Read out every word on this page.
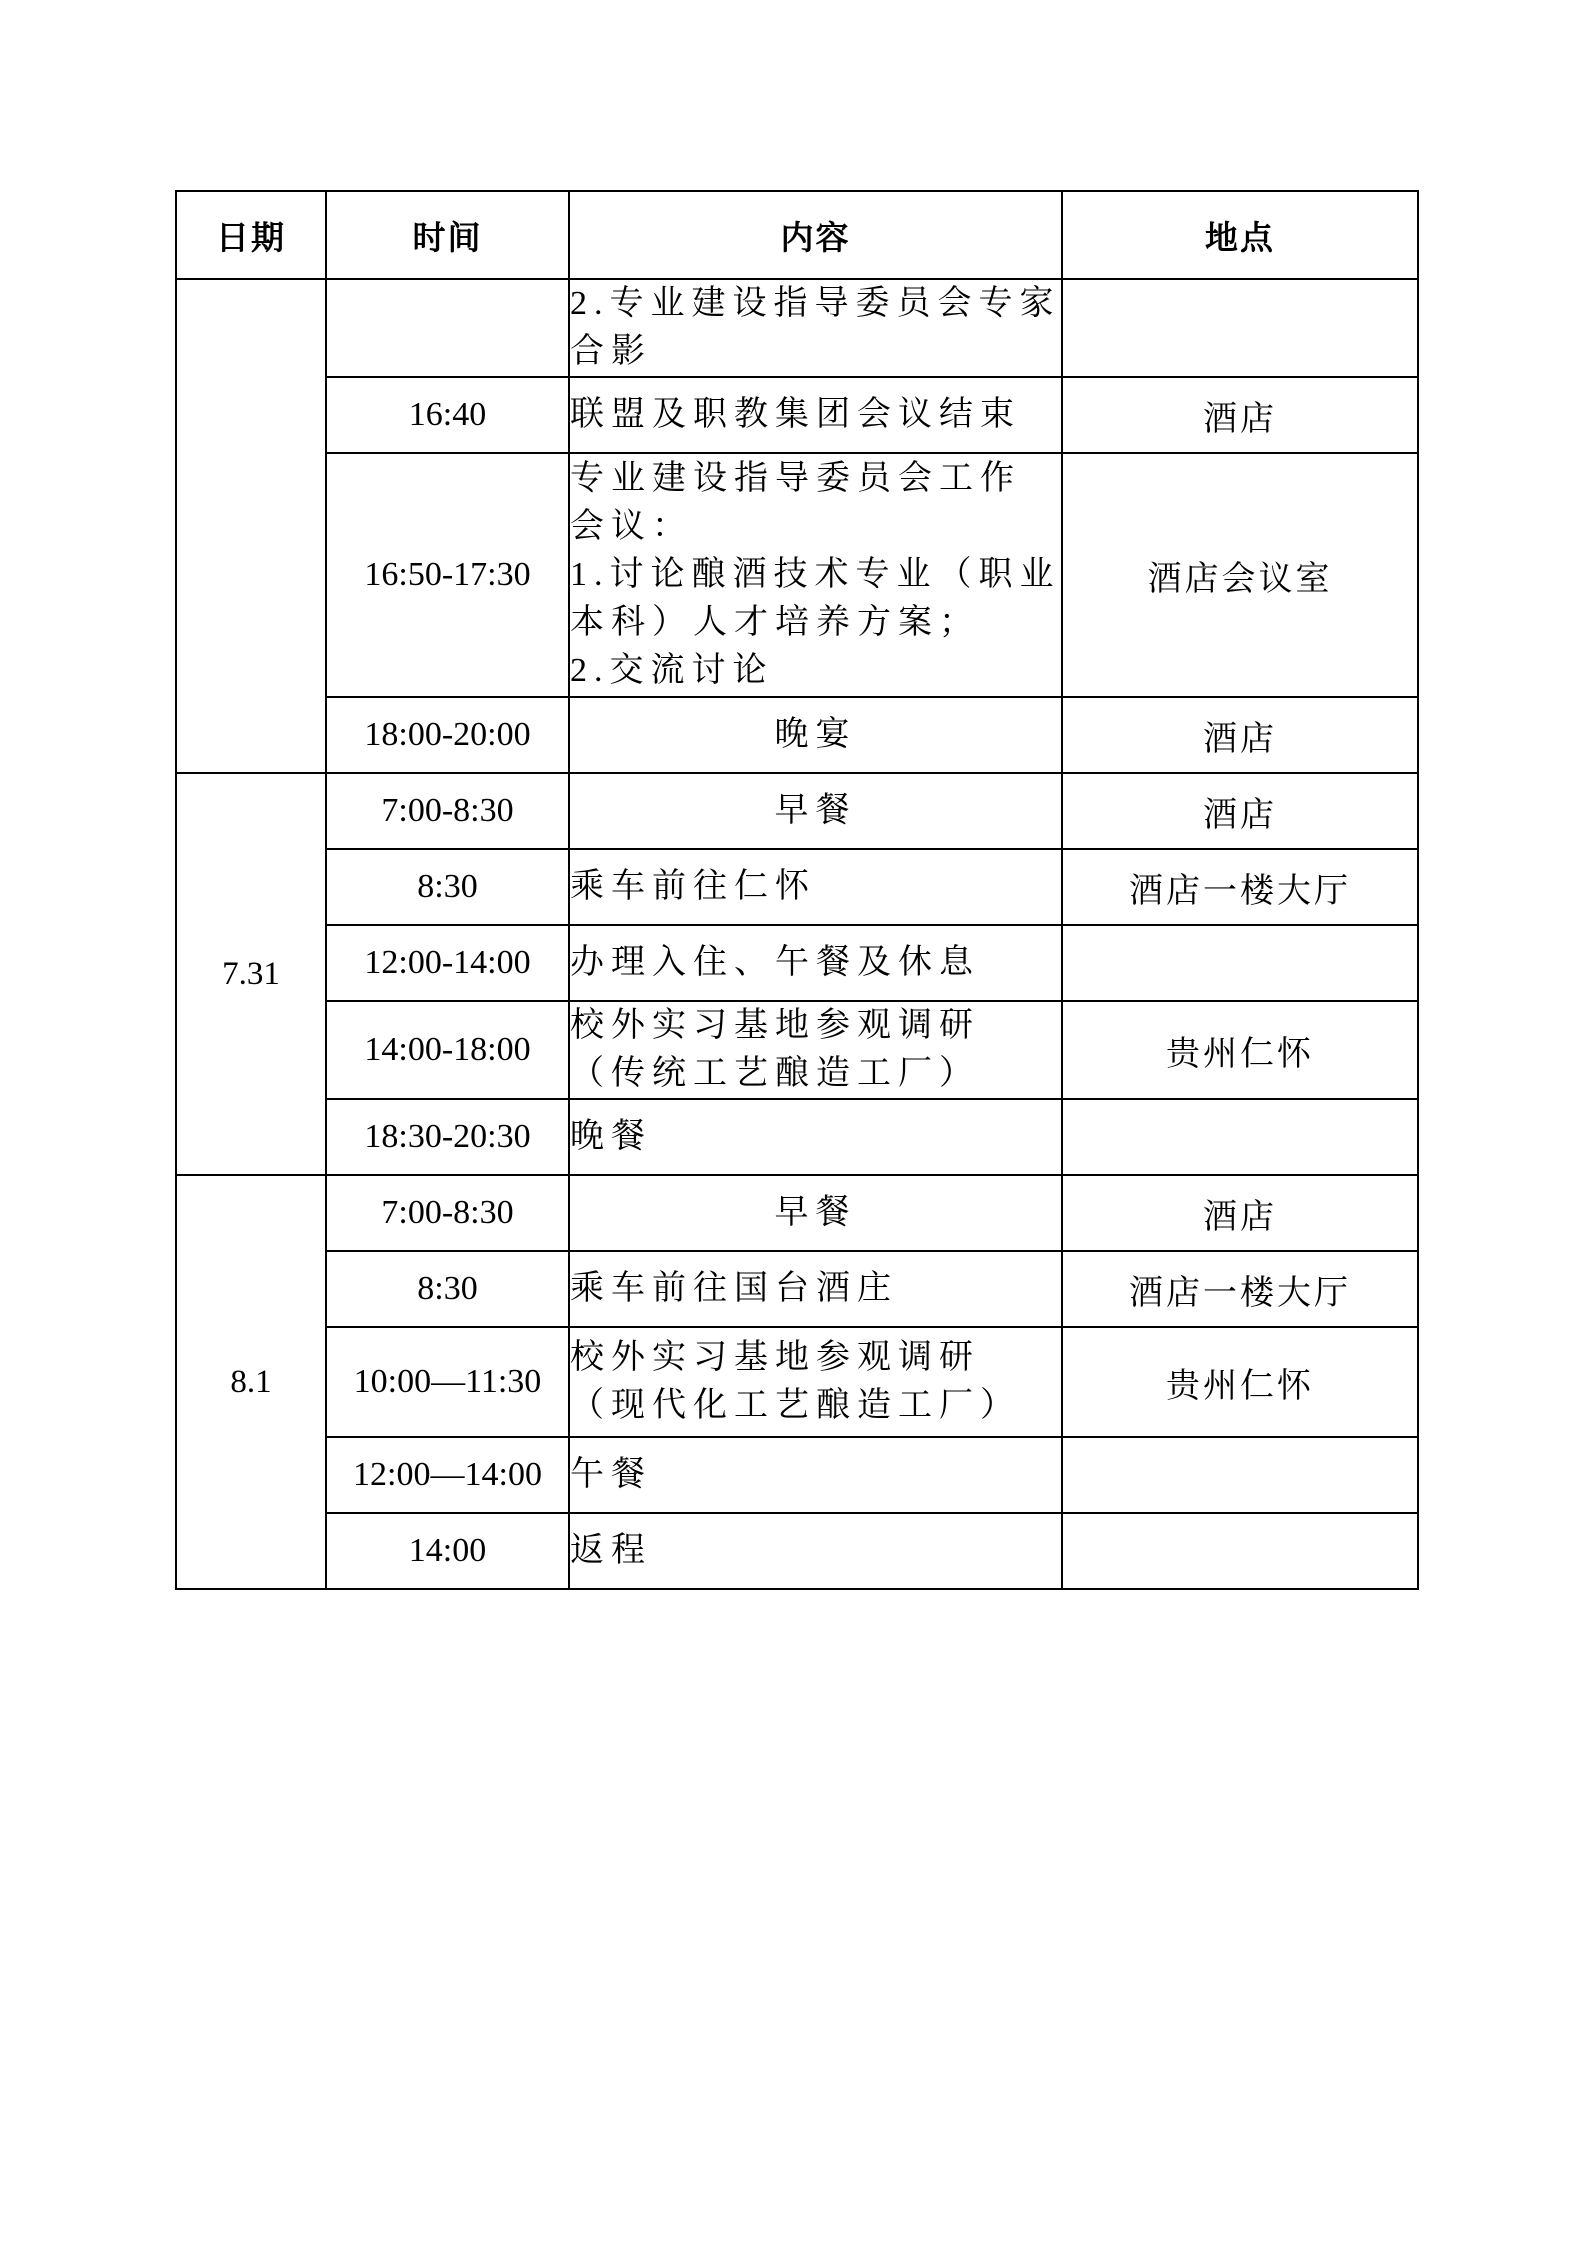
日期	时间	内容	地点
		2.专业建设指导委员会专家合影	
	16:40	联盟及职教集团会议结束	酒店
	16:50-17:30	专业建设指导委员会工作会议：
1.讨论酿酒技术专业（职业本科）人才培养方案；
2.交流讨论	酒店会议室
	18:00-20:00	晚宴	酒店
7.31	7:00-8:30	早餐	酒店
	8:30	乘车前往仁怀	酒店一楼大厅
	12:00-14:00	办理入住、午餐及休息	
	14:00-18:00	校外实习基地参观调研（传统工艺酿造工厂）	贵州仁怀
	18:30-20:30	晚餐	
8.1	7:00-8:30	早餐	酒店
	8:30	乘车前往国台酒庄	酒店一楼大厅
	10:00—11:30	校外实习基地参观调研（现代化工艺酿造工厂）	贵州仁怀
	12:00—14:00	午餐	
	14:00	返程	
